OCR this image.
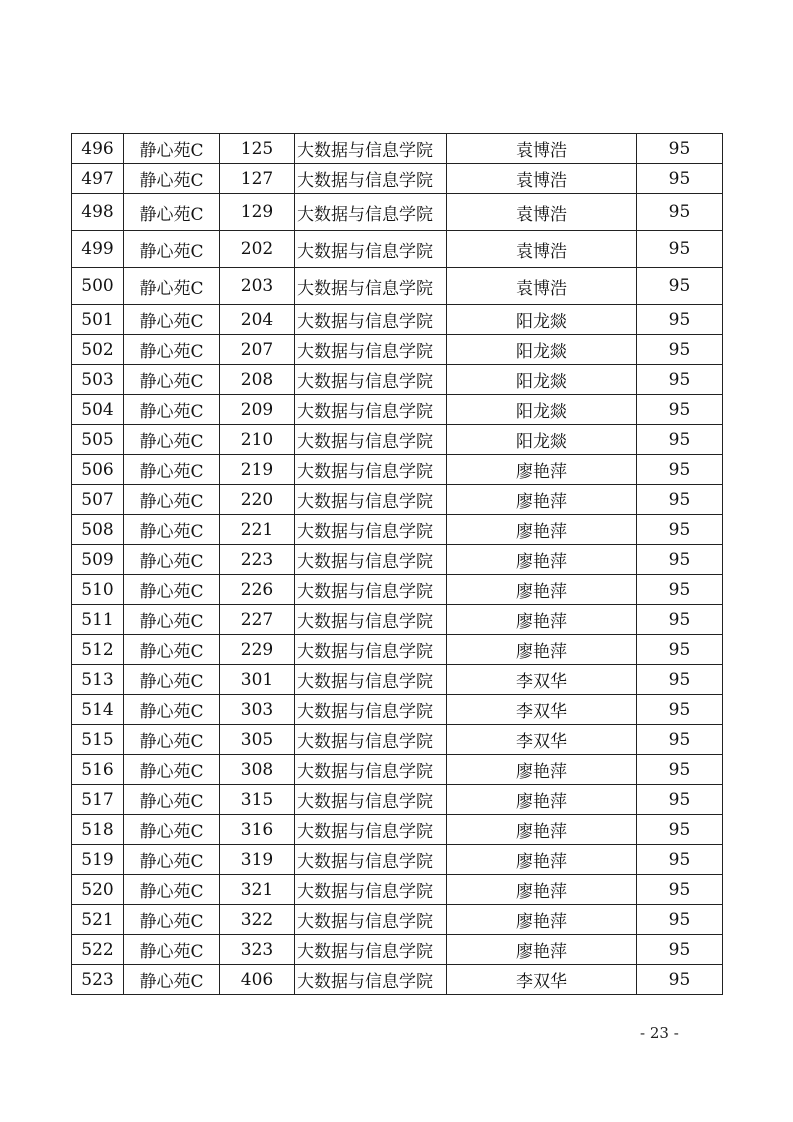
496	静心苑C	125	大数据与信息学院	袁博浩	95
497	静心苑C	127	大数据与信息学院	袁博浩	95
498	静心苑C	129	大数据与信息学院	袁博浩	95
499	静心苑C	202	大数据与信息学院	袁博浩	95
500	静心苑C	203	大数据与信息学院	袁博浩	95
501	静心苑C	204	大数据与信息学院	阳龙燚	95
502	静心苑C	207	大数据与信息学院	阳龙燚	95
503	静心苑C	208	大数据与信息学院	阳龙燚	95
504	静心苑C	209	大数据与信息学院	阳龙燚	95
505	静心苑C	210	大数据与信息学院	阳龙燚	95
506	静心苑C	219	大数据与信息学院	廖艳萍	95
507	静心苑C	220	大数据与信息学院	廖艳萍	95
508	静心苑C	221	大数据与信息学院	廖艳萍	95
509	静心苑C	223	大数据与信息学院	廖艳萍	95
510	静心苑C	226	大数据与信息学院	廖艳萍	95
511	静心苑C	227	大数据与信息学院	廖艳萍	95
512	静心苑C	229	大数据与信息学院	廖艳萍	95
513	静心苑C	301	大数据与信息学院	李双华	95
514	静心苑C	303	大数据与信息学院	李双华	95
515	静心苑C	305	大数据与信息学院	李双华	95
516	静心苑C	308	大数据与信息学院	廖艳萍	95
517	静心苑C	315	大数据与信息学院	廖艳萍	95
518	静心苑C	316	大数据与信息学院	廖艳萍	95
519	静心苑C	319	大数据与信息学院	廖艳萍	95
520	静心苑C	321	大数据与信息学院	廖艳萍	95
521	静心苑C	322	大数据与信息学院	廖艳萍	95
522	静心苑C	323	大数据与信息学院	廖艳萍	95
523	静心苑C	406	大数据与信息学院	李双华	95
- 23 -
